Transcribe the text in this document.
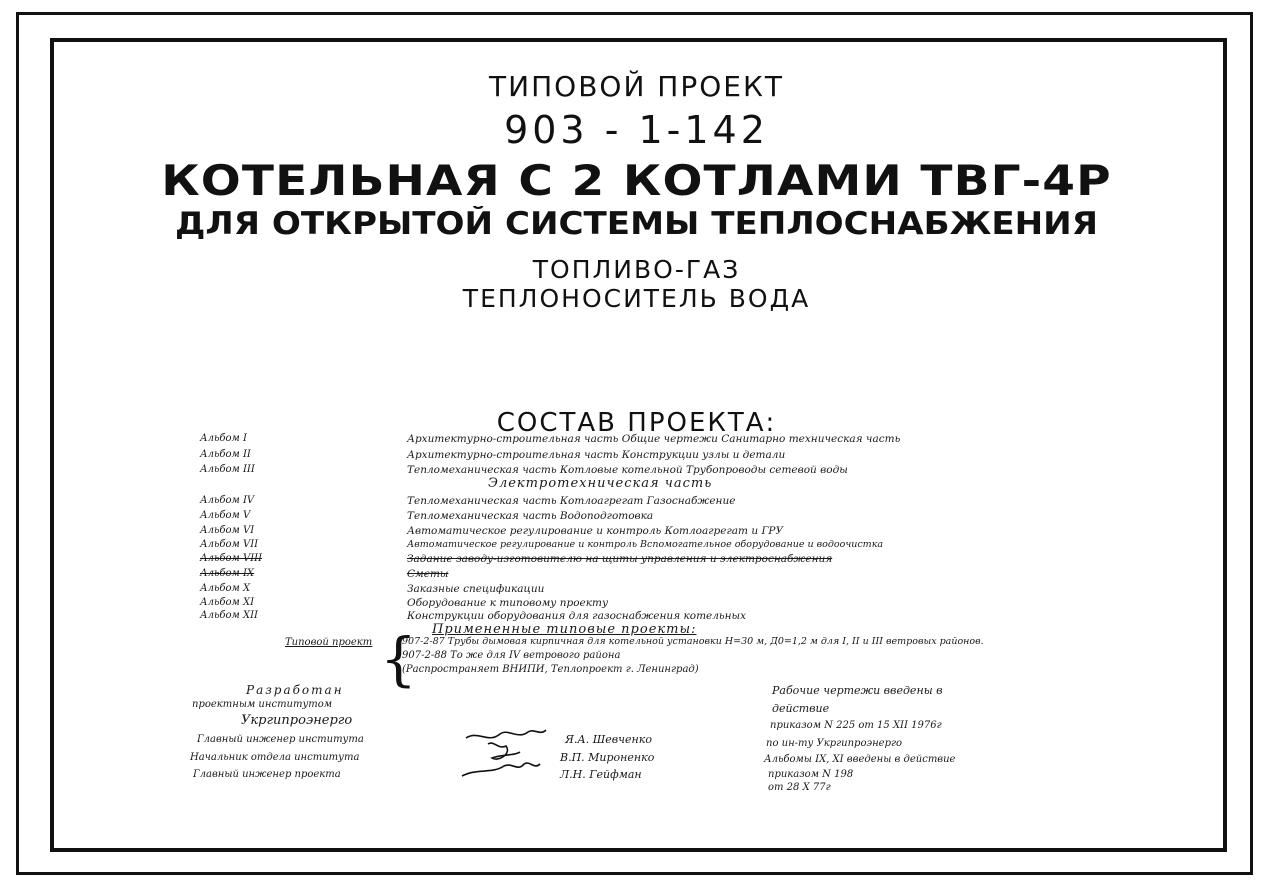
ТИПОВОЙ ПРОЕКТ
903 - 1-142
КОТЕЛЬНАЯ С 2 КОТЛАМИ ТВГ-4Р
ДЛЯ ОТКРЫТОЙ СИСТЕМЫ ТЕПЛОСНАБЖЕНИЯ
ТОПЛИВО-ГАЗ
ТЕПЛОНОСИТЕЛЬ ВОДА
СОСТАВ ПРОЕКТА:
Альбом I	Архитектурно-строительная часть Общие чертежи Санитарно техническая часть
Альбом II	Архитектурно-строительная часть Конструкции узлы и детали
Альбом III	Тепломеханическая часть Котловые котельной Трубопроводы сетевой воды
Электротехническая часть
Альбом IV	Тепломеханическая часть Котлоагрегат Газоснабжение
Альбом V	Тепломеханическая часть Водоподготовка
Альбом VI	Автоматическое регулирование и контроль Котлоагрегат и ГРУ
Альбом VII	Автоматическое регулирование и контроль Вспомогательное оборудование и водоочистка
Альбом VIII	Задание заводу-изготовителю на щиты управления и электроснабжения
Альбом IX	Сметы
Альбом X	Заказные спецификации
Альбом XI	Оборудование к типовому проекту
Альбом XII	Конструкции оборудования для газоснабжения котельных
Примененные типовые проекты:
Типовой проект {
907-2-87 Трубы дымовая кирпичная для котельной установки Н=30 м, Д0=1,2 м для I, II и III ветровых районов.
907-2-88 То же для IV ветрового района
(Распространяет ВНИПИ, Теплопроект г. Ленинград)
Разработан
проектным институтом
Укргипроэнерго
Главный инженер института	Я.А. Шевченко
Начальник отдела института	В.П. Мироненко
Главный инженер проекта	Л.Н. Гейфман
Рабочие чертежи введены в
действие
приказом N 225 от 15 XII 1976г
по ин-ту Укргипроэнерго
Альбомы IX, XI введены в действие
приказом N 198
от 28 X 77г
